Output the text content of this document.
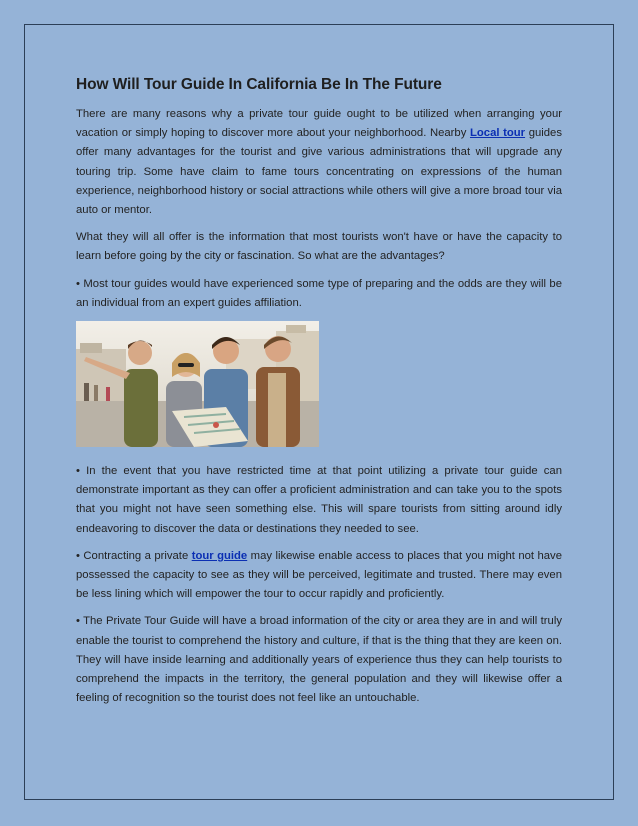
How Will Tour Guide In California Be In The Future

There are many reasons why a private tour guide ought to be utilized when arranging your vacation or simply hoping to discover more about your neighborhood. Nearby Local tour guides offer many advantages for the tourist and give various administrations that will upgrade any touring trip. Some have claim to fame tours concentrating on expressions of the human experience, neighborhood history or social attractions while others will give a more broad tour via auto or mentor.

What they will all offer is the information that most tourists won't have or have the capacity to learn before going by the city or fascination. So what are the advantages?

• Most tour guides would have experienced some type of preparing and the odds are they will be an individual from an expert guides affiliation.

• In the event that you have restricted time at that point utilizing a private tour guide can demonstrate important as they can offer a proficient administration and can take you to the spots that you might not have seen something else. This will spare tourists from sitting around idly endeavoring to discover the data or destinations they needed to see.

• Contracting a private tour guide may likewise enable access to places that you might not have possessed the capacity to see as they will be perceived, legitimate and trusted. There may even be less lining which will empower the tour to occur rapidly and proficiently.

• The Private Tour Guide will have a broad information of the city or area they are in and will truly enable the tourist to comprehend the history and culture, if that is the thing that they are keen on. They will have inside learning and additionally years of experience thus they can help tourists to comprehend the impacts in the territory, the general population and they will likewise offer a feeling of recognition so the tourist does not feel like an untouchable.
